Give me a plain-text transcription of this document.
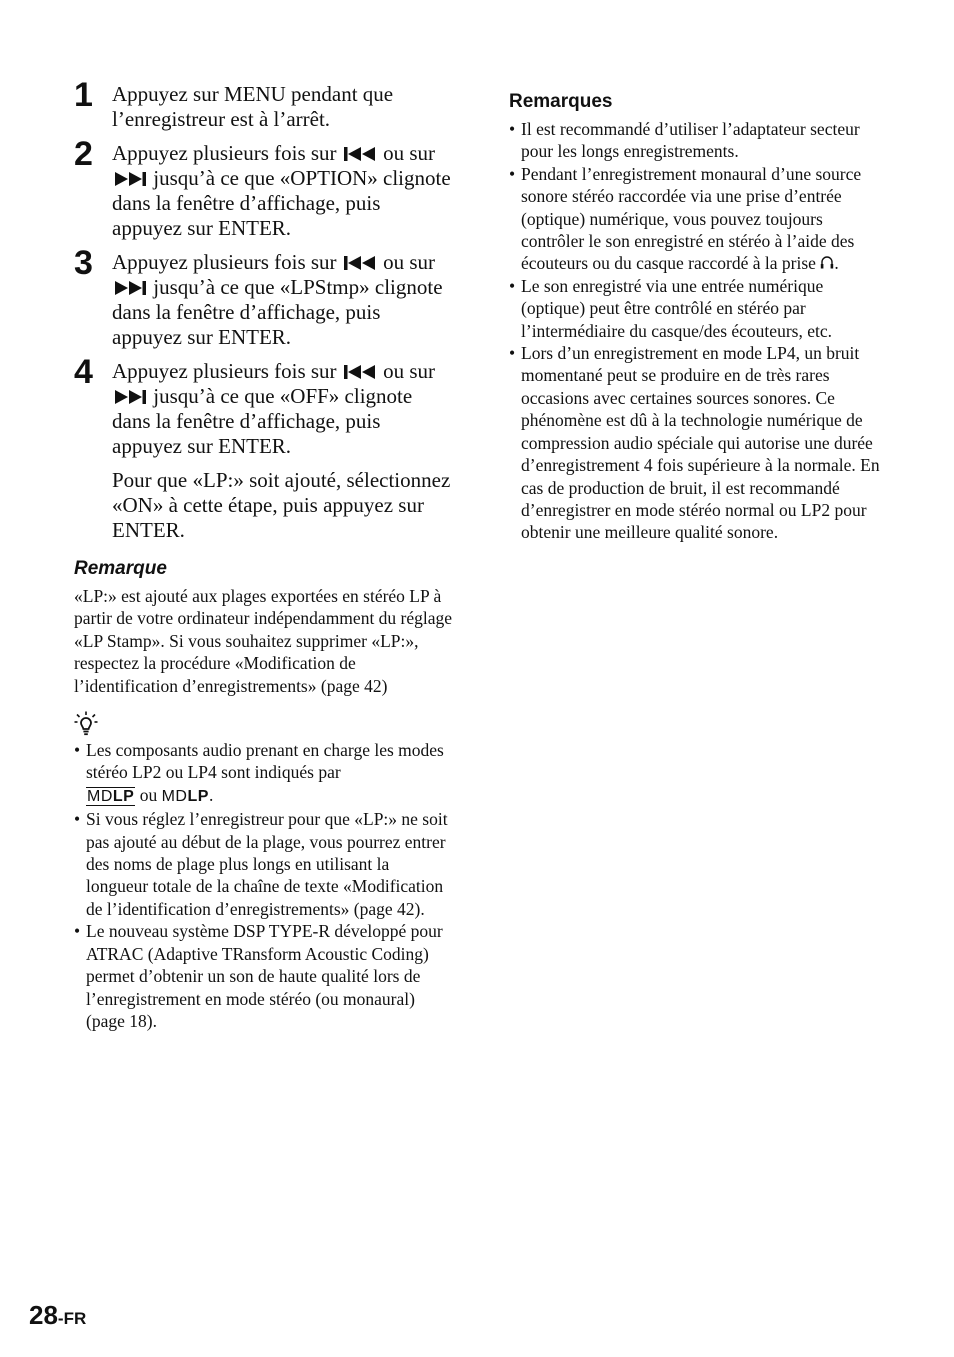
1 Appuyez sur MENU pendant que l’enregistreur est à l’arrêt.
2 Appuyez plusieurs fois sur ou sur
jusqu’à ce que «OPTION» clignote dans la fenêtre d’affichage, puis appuyez sur ENTER.
3 Appuyez plusieurs fois sur ou sur
jusqu’à ce que «LPStmp» clignote dans la fenêtre d’affichage, puis appuyez sur ENTER.
4 Appuyez plusieurs fois sur ou sur
jusqu’à ce que «OFF» clignote dans la fenêtre d’affichage, puis appuyez sur ENTER.
Pour que «LP:» soit ajouté, sélectionnez «ON» à cette étape, puis appuyez sur ENTER.
Remarque
«LP:» est ajouté aux plages exportées en stéréo LP à partir de votre ordinateur indépendamment du réglage «LP Stamp». Si vous souhaitez supprimer «LP:», respectez la procédure «Modification de l’identification d’enregistrements» (page 42)
• Les composants audio prenant en charge les modes stéréo LP2 ou LP4 sont indiqués par
MDLP ou MDLP.
• Si vous réglez l’enregistreur pour que «LP:» ne soit pas ajouté au début de la plage, vous pourrez entrer des noms de plage plus longs en utilisant la longueur totale de la chaîne de texte «Modification de l’identification d’enregistrements» (page 42).
• Le nouveau système DSP TYPE-R développé pour ATRAC (Adaptive TRansform Acoustic Coding) permet d’obtenir un son de haute qualité lors de l’enregistrement en mode stéréo (ou monaural) (page 18).
Remarques
• Il est recommandé d’utiliser l’adaptateur secteur pour les longs enregistrements.
• Pendant l’enregistrement monaural d’une source sonore stéréo raccordée via une prise d’entrée (optique) numérique, vous pouvez toujours contrôler le son enregistré en stéréo à l’aide des écouteurs ou du casque raccordé à la prise .
• Le son enregistré via une entrée numérique (optique) peut être contrôlé en stéréo par l’intermédiaire du casque/des écouteurs, etc.
• Lors d’un enregistrement en mode LP4, un bruit momentané peut se produire en de très rares occasions avec certaines sources sonores. Ce phénomène est dû à la technologie numérique de compression audio spéciale qui autorise une durée d’enregistrement 4 fois supérieure à la normale. En cas de production de bruit, il est recommandé d’enregistrer en mode stéréo normal ou LP2 pour obtenir une meilleure qualité sonore.
28-FR
